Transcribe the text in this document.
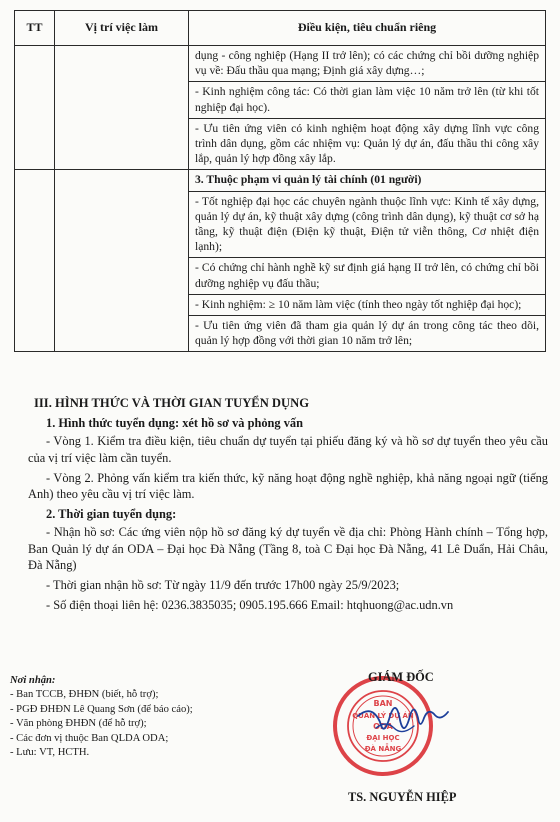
TT	Vị trí việc làm	Điều kiện, tiêu chuẩn riêng

		dụng - công nghiệp (Hạng II trở lên); có các chứng chỉ bồi dưỡng nghiệp vụ về: Đấu thầu qua mạng; Định giá xây dựng…;
- Kinh nghiệm công tác: Có thời gian làm việc 10 năm trở lên (từ khi tốt nghiệp đại học).
- Ưu tiên ứng viên có kinh nghiệm hoạt động xây dựng lĩnh vực công trình dân dụng, gồm các nhiệm vụ: Quản lý dự án, đấu thầu thi công xây lắp, quản lý hợp đồng xây lắp.

		3. Thuộc phạm vi quản lý tài chính (01 người)
- Tốt nghiệp đại học các chuyên ngành thuộc lĩnh vực: Kinh tế xây dựng, quản lý dự án, kỹ thuật xây dựng (công trình dân dụng), kỹ thuật cơ sở hạ tầng, kỹ thuật điện (Điện kỹ thuật, Điện tử viễn thông, Cơ nhiệt điện lạnh);
- Có chứng chỉ hành nghề kỹ sư định giá hạng II trở lên, có chứng chỉ bồi dưỡng nghiệp vụ đấu thầu;
- Kinh nghiệm: ≥ 10 năm làm việc (tính theo ngày tốt nghiệp đại học);
- Ưu tiên ứng viên đã tham gia quản lý dự án trong công tác theo dõi, quản lý hợp đồng với thời gian 10 năm trở lên;
III. HÌNH THỨC VÀ THỜI GIAN TUYỂN DỤNG
1. Hình thức tuyển dụng: xét hồ sơ và phỏng vấn
- Vòng 1. Kiểm tra điều kiện, tiêu chuẩn dự tuyển tại phiếu đăng ký và hồ sơ dự tuyển theo yêu cầu của vị trí việc làm cần tuyển.
- Vòng 2. Phỏng vấn kiểm tra kiến thức, kỹ năng hoạt động nghề nghiệp, khả năng ngoại ngữ (tiếng Anh) theo yêu cầu vị trí việc làm.
2. Thời gian tuyển dụng:
- Nhận hồ sơ: Các ứng viên nộp hồ sơ đăng ký dự tuyển về địa chỉ: Phòng Hành chính – Tổng hợp, Ban Quản lý dự án ODA – Đại học Đà Nẵng (Tầng 8, toà C Đại học Đà Nẵng, 41 Lê Duẩn, Hải Châu, Đà Nẵng)
- Thời gian nhận hồ sơ: Từ ngày 11/9 đến trước 17h00 ngày 25/9/2023;
- Số điện thoại liên hệ: 0236.3835035; 0905.195.666 Email: htqhuong@ac.udn.vn
Nơi nhận:
- Ban TCCB, ĐHĐN (biết, hỗ trợ);
- PGĐ ĐHĐN Lê Quang Sơn (để báo cáo);
- Văn phòng ĐHĐN (để hỗ trợ);
- Các đơn vị thuộc Ban QLDA ODA;
- Lưu: VT, HCTH.
BAN
QUẢN LÝ DỰ ÁN
ODA
ĐẠI HỌC
ĐÀ NẴNG
GIÁM ĐỐC
TS. NGUYỄN HIỆP
